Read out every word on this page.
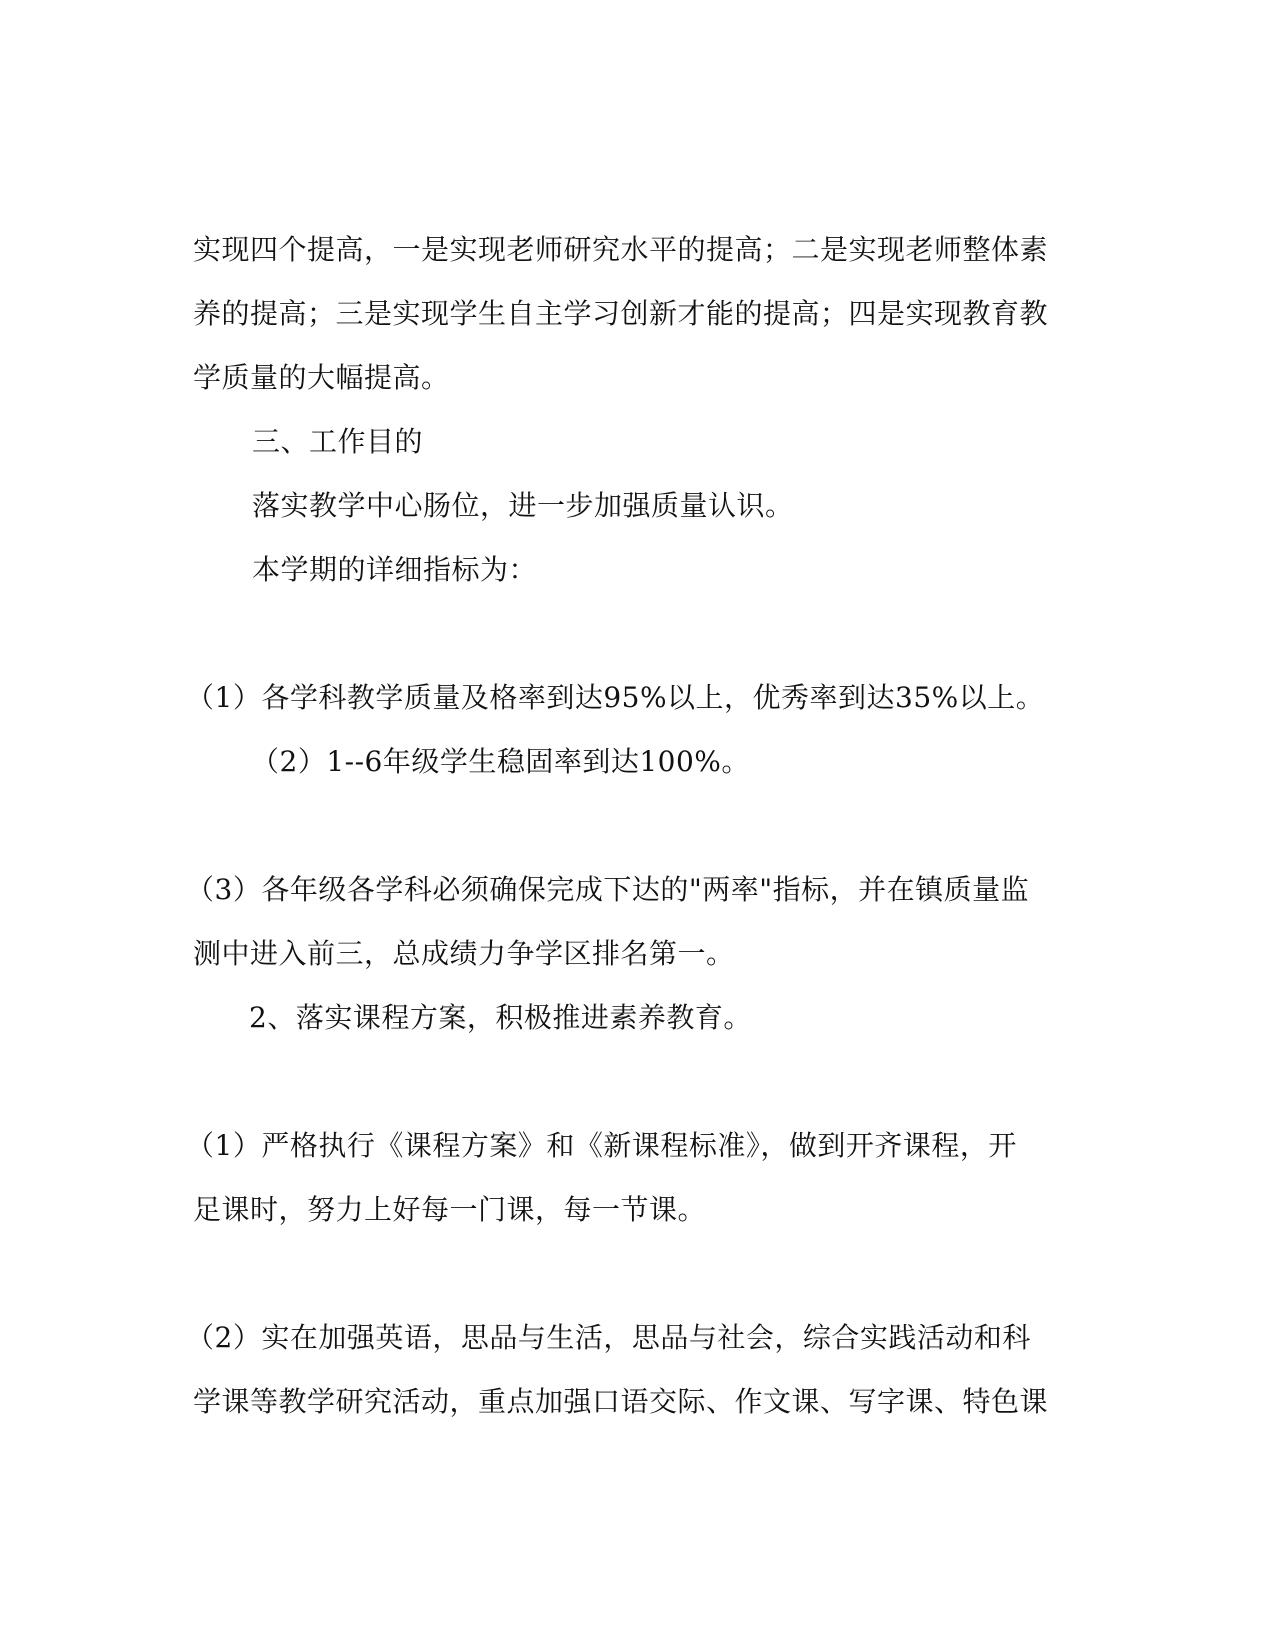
实现四个提高，一是实现老师研究水平的提高；二是实现老师整体素
养的提高；三是实现学生自主学习创新才能的提高；四是实现教育教
学质量的大幅提高。
三、工作目的
落实教学中心肠位，进一步加强质量认识。
本学期的详细指标为：
（1）各学科教学质量及格率到达95%以上，优秀率到达35%以上。
（2）1--6年级学生稳固率到达100%。
（3）各年级各学科必须确保完成下达的"两率"指标，并在镇质量监
测中进入前三，总成绩力争学区排名第一。
2、落实课程方案，积极推进素养教育。
（1）严格执行《课程方案》和《新课程标准》，做到开齐课程，开
足课时，努力上好每一门课，每一节课。
（2）实在加强英语，思品与生活，思品与社会，综合实践活动和科
学课等教学研究活动，重点加强口语交际、作文课、写字课、特色课
